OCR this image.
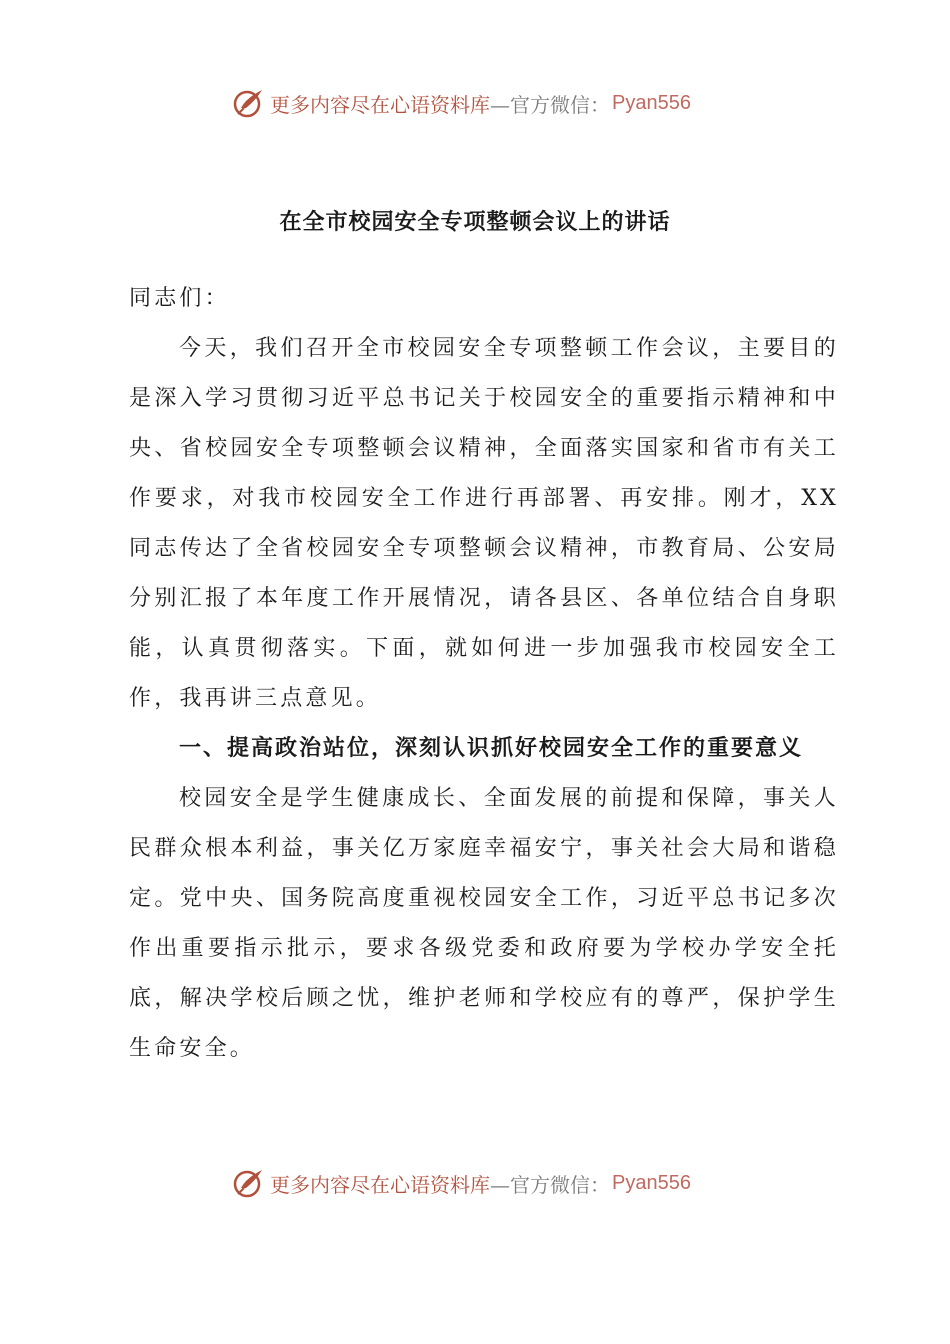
更多内容尽在心语资料库 —官方微信： Pyan556
在全市校园安全专项整顿会议上的讲话

同志们：

今天，我们召开全市校园安全专项整顿工作会议，主要目的是深入学习贯彻习近平总书记关于校园安全的重要指示精神和中央、省校园安全专项整顿会议精神，全面落实国家和省市有关工作要求，对我市校园安全工作进行再部署、再安排。刚才，XX同志传达了全省校园安全专项整顿会议精神，市教育局、公安局分别汇报了本年度工作开展情况，请各县区、各单位结合自身职能，认真贯彻落实。下面，就如何进一步加强我市校园安全工作，我再讲三点意见。

一、提高政治站位，深刻认识抓好校园安全工作的重要意义

校园安全是学生健康成长、全面发展的前提和保障，事关人民群众根本利益，事关亿万家庭幸福安宁，事关社会大局和谐稳定。党中央、国务院高度重视校园安全工作，习近平总书记多次作出重要指示批示，要求各级党委和政府要为学校办学安全托底，解决学校后顾之忧，维护老师和学校应有的尊严，保护学生生命安全。

更多内容尽在心语资料库 —官方微信： Pyan556
